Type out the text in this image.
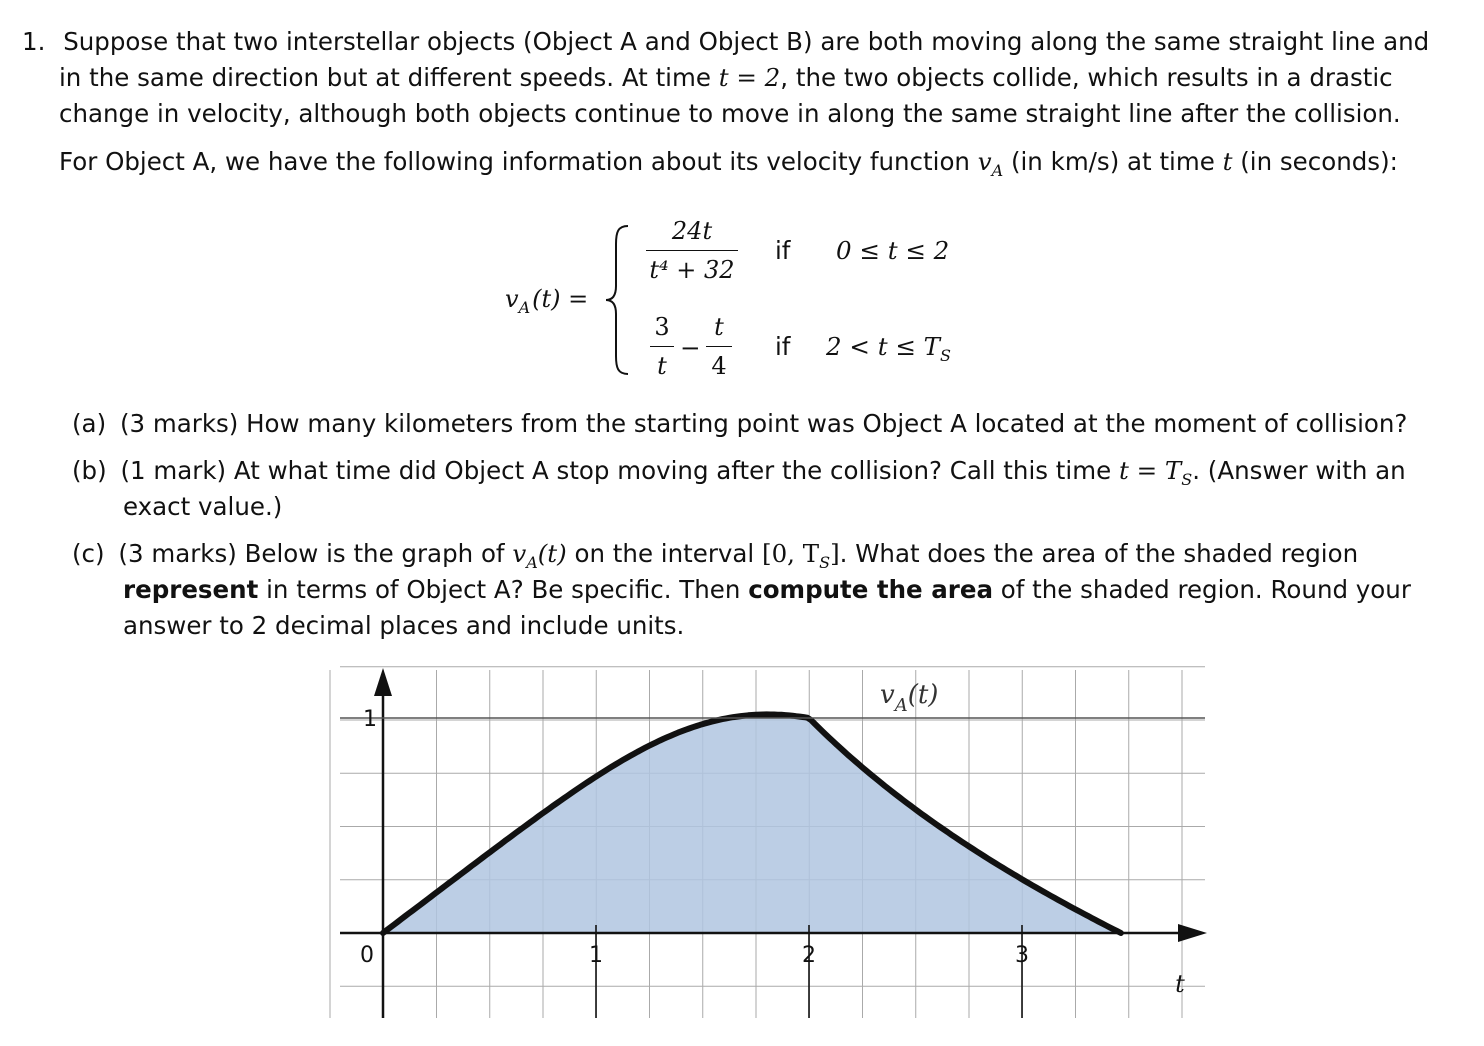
1. Suppose that two interstellar objects (Object A and Object B) are both moving along the same straight line and
in the same direction but at different speeds. At time t = 2, the two objects collide, which results in a drastic
change in velocity, although both objects continue to move in along the same straight line after the collision.
For Object A, we have the following information about its velocity function $v_A$ (in km/s) at time t (in seconds):
$v_A(t)$ =
24t
t⁴ + 32
if 0 ≤ t ≤ 2
3
t
−
t
4
if $2 < t \le T_S$
(a) (3 marks) How many kilometers from the starting point was Object A located at the moment of collision?
(b) (1 mark) At what time did Object A stop moving after the collision? Call this time $t = T_S$. (Answer with an
exact value.)
(c) (3 marks) Below is the graph of $v_A(t)$ on the interval [0, $T_S$]. What does the area of the shaded region
represent in terms of Object A? Be specific. Then compute the area of the shaded region. Round your
answer to 2 decimal places and include units.
0	1	2	3
1
t
$v_A(t)$
